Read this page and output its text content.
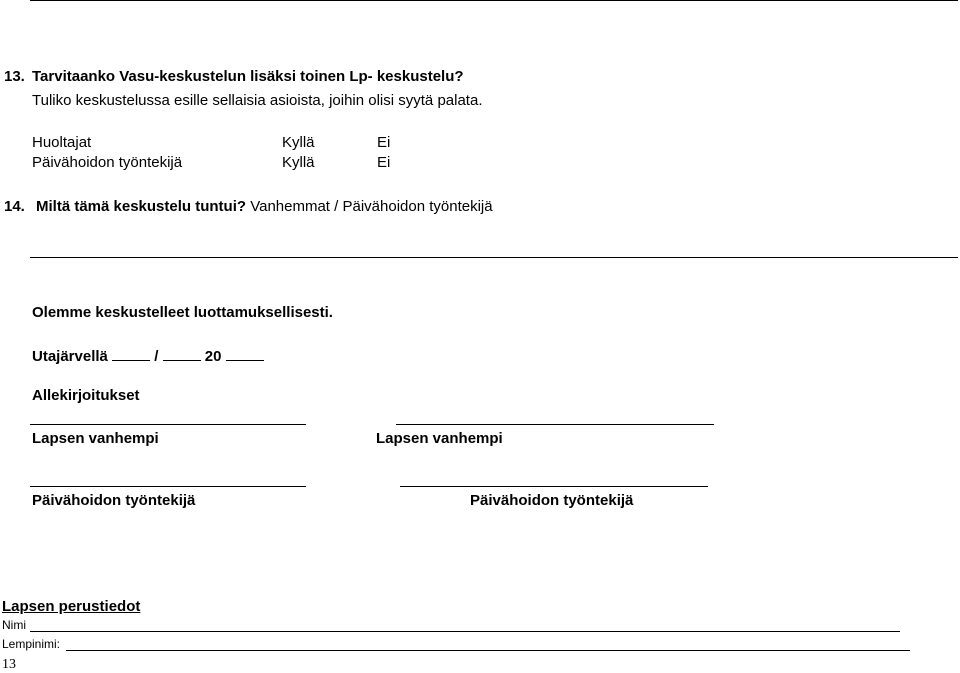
13. Tarvitaanko Vasu-keskustelun lisäksi toinen Lp- keskustelu?
Tuliko keskustelussa esille sellaisia asioista, joihin olisi syytä palata.
Huoltajat	Kyllä	Ei
Päivähoidon työntekijä	Kyllä	Ei
14. Miltä tämä keskustelu tuntui? Vanhemmat / Päivähoidon työntekijä
Olemme keskustelleet luottamuksellisesti.
Utajärvellä	/	20
Allekirjoitukset
Lapsen vanhempi	Lapsen vanhempi
Päivähoidon työntekijä	Päivähoidon työntekijä
Lapsen perustiedot
Nimi
Lempinimi:
13
